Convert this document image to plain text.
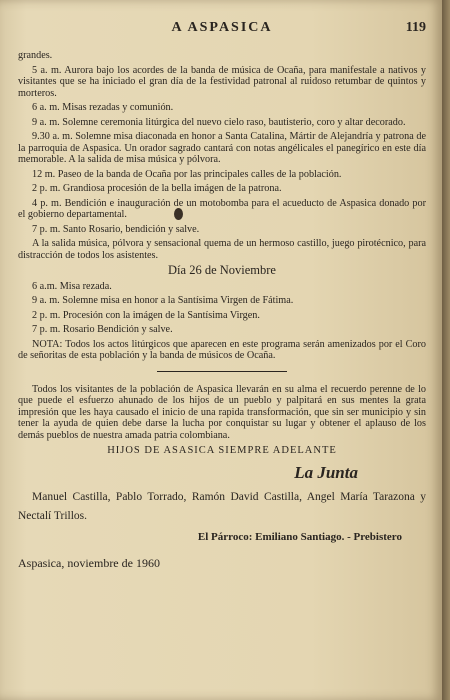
A ASPASICA	119

grandes.

5 a. m. Aurora bajo los acordes de la banda de música de Ocaña, para manifestale a nativos y visitantes que se ha iniciado el gran día de la festividad patronal al ruidoso retumbar de quintos y morteros.

6 a. m. Misas rezadas y comunión.

9 a. m. Solemne ceremonia litúrgica del nuevo cielo raso, bautisterio, coro y altar decorado.

9.30 a. m. Solemne misa diaconada en honor a Santa Catalina, Mártir de Alejandría y patrona de la parroquia de Aspasica. Un orador sagrado cantará con notas angélicales el panegírico en este día memorable. A la salida de misa música y pólvora.

12 m. Paseo de la banda de Ocaña por las principales calles de la población.

2 p. m. Grandiosa procesión de la bella imágen de la patrona.

4 p. m. Bendición e inauguración de un motobomba para el acueducto de Aspasica donado por el gobierno departamental.

7 p. m. Santo Rosario, bendición y salve.

A la salida música, pólvora y sensacional quema de un hermoso castillo, juego pirotécnico, para distracción de todos los asistentes.

Día 26 de Noviembre

6 a.m. Misa rezada.

9 a. m. Solemne misa en honor a la Santísima Virgen de Fátima.

2 p. m. Procesión con la imágen de la Santísima Virgen.

7 p. m. Rosario Bendición y salve.

NOTA: Todos los actos litúrgicos que aparecen en este programa serán amenizados por el Coro de señoritas de esta población y la banda de músicos de Ocaña.

Todos los visitantes de la población de Aspasica llevarán en su alma el recuerdo perenne de lo que puede el esfuerzo ahunado de los hijos de un pueblo y palpitará en sus mentes la grata impresión que les haya causado el inicio de una rapida transformación, que sin ser municipio y sin tener la ayuda de quien debe darse la lucha por conquistar su lugar y obtener el aplauso de los demás pueblos de nuestra amada patria colombiana.

HIJOS DE ASASICA SIEMPRE ADELANTE

La Junta

Manuel Castilla, Pablo Torrado, Ramón David Castilla, Angel María Tarazona y Nectalí Trillos.

El Párroco: Emiliano Santiago. - Prebistero

Aspasica, noviembre de 1960
